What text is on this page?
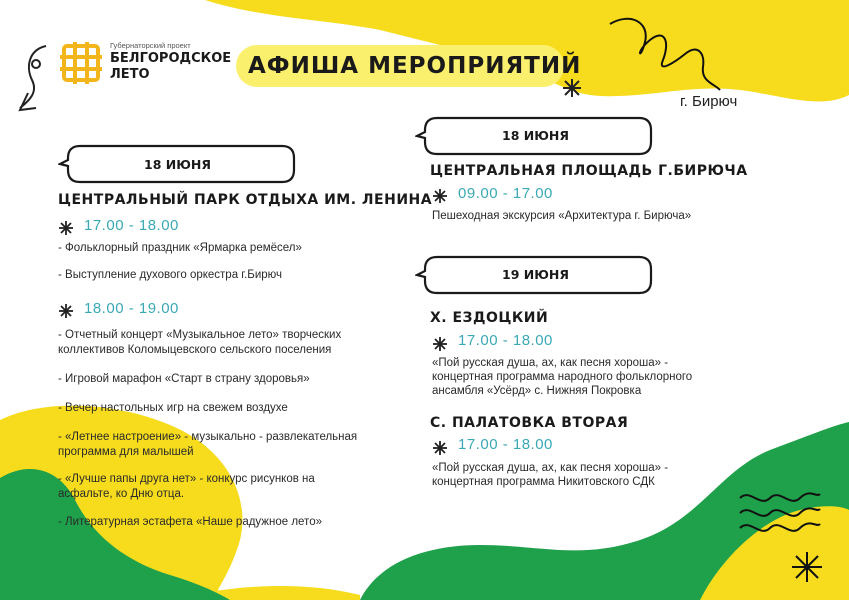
Губернаторский проект
БЕЛГОРОДСКОЕ
ЛЕТО	АФИША МЕРОПРИЯТИЙ
г. Бирюч
18 ИЮНЯ
ЦЕНТРАЛЬНЫЙ ПАРК ОТДЫХА ИМ. ЛЕНИНА
17.00 - 18.00
- Фольклорный праздник «Ярмарка ремёсел»
- Выступление духового оркестра г.Бирюч
18.00 - 19.00
- Отчетный концерт «Музыкальное лето» творческих
коллективов Коломыцевского сельского поселения
- Игровой марафон «Старт в страну здоровья»
- Вечер настольных игр на свежем воздухе
- «Летнее настроение» - музыкально - развлекательная
программа для малышей
- «Лучше папы друга нет» - конкурс рисунков на
асфальте, ко Дню отца.
- Литературная эстафета «Наше радужное лето»
18 ИЮНЯ
ЦЕНТРАЛЬНАЯ ПЛОЩАДЬ Г.БИРЮЧА
09.00 - 17.00
Пешеходная экскурсия «Архитектура г. Бирюча»
19 ИЮНЯ
Х. ЕЗДОЦКИЙ
17.00 - 18.00
«Пой русская душа, ах, как песня хороша» -
концертная программа народного фольклорного
ансамбля «Усёрд» с. Нижняя Покровка
С. ПАЛАТОВКА ВТОРАЯ
17.00 - 18.00
«Пой русская душа, ах, как песня хороша» -
концертная программа Никитовского СДК
